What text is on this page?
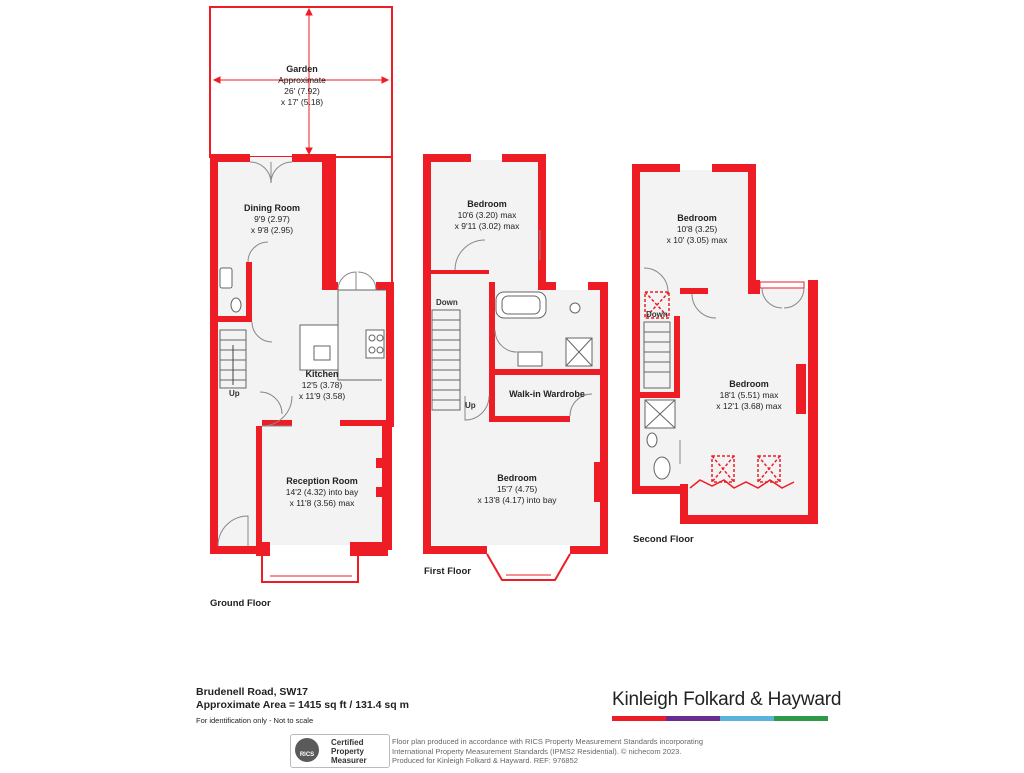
Garden
Approximate
26' (7.92)
x 17' (5.18)
Dining Room
9'9 (2.97)
x 9'8 (2.95)
Kitchen
12'5 (3.78)
x 11'9 (3.58)
Reception Room
14'2 (4.32) into bay
x 11'8 (3.56) max
Bedroom
10'6 (3.20) max
x 9'11 (3.02) max
Walk-in Wardrobe
Bedroom
15'7 (4.75)
x 13'8 (4.17) into bay
Bedroom
10'8 (3.25)
x 10' (3.05) max
Bedroom
18'1 (5.51) max
x 12'1 (3.68) max
Up
Down
Up
Down
Ground Floor
First Floor
Second Floor
Brudenell Road, SW17
Approximate Area = 1415 sq ft / 131.4 sq m
For identification only - Not to scale
Kinleigh Folkard & Hayward
RICS
Certified
Property
Measurer
Floor plan produced in accordance with RICS Property Measurement Standards incorporating
International Property Measurement Standards (IPMS2 Residential). © nichecom 2023.
Produced for Kinleigh Folkard & Hayward. REF: 976852
